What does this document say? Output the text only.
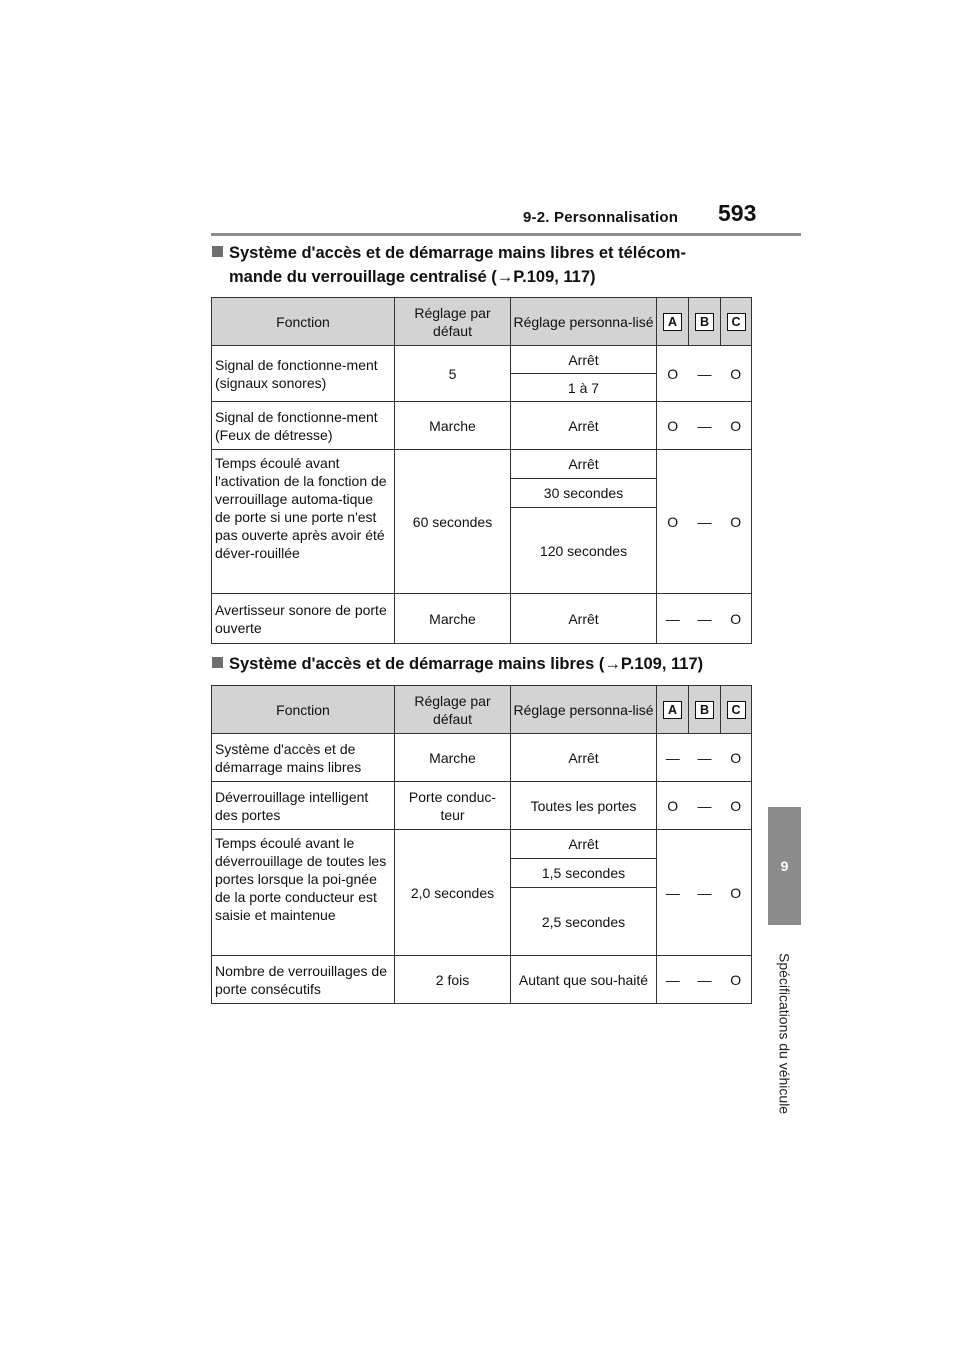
9-2. Personnalisation 593
9
Spécifications du véhicule
Système d'accès et de démarrage mains libres et télécom-
mande du verrouillage centralisé (→P.109, 117)
Fonction	Réglage par défaut	Réglage personna-lisé	A	B	C
Signal de fonctionne-ment (signaux sonores)	5	Arrêt	O	—	O
		1 à 7			
Signal de fonctionne-ment (Feux de détresse)	Marche	Arrêt	O	—	O
Temps écoulé avant l'activation de la fonction de verrouillage automa-tique de porte si une porte n'est pas ouverte après avoir été déver-rouillée	60 secondes	Arrêt	O	—	O
		30 secondes			
		120 secondes			
Avertisseur sonore de porte ouverte	Marche	Arrêt	—	—	O
Système d'accès et de démarrage mains libres (→P.109, 117)
Fonction	Réglage par défaut	Réglage personna-lisé	A	B	C
Système d'accès et de démarrage mains libres	Marche	Arrêt	—	—	O
Déverrouillage intelligent des portes	Porte conduc-teur	Toutes les portes	O	—	O
Temps écoulé avant le déverrouillage de toutes les portes lorsque la poi-gnée de la porte conducteur est saisie et maintenue	2,0 secondes	Arrêt	—	—	O
		1,5 secondes			
		2,5 secondes			
Nombre de verrouillages de porte consécutifs	2 fois	Autant que sou-haité	—	—	O
